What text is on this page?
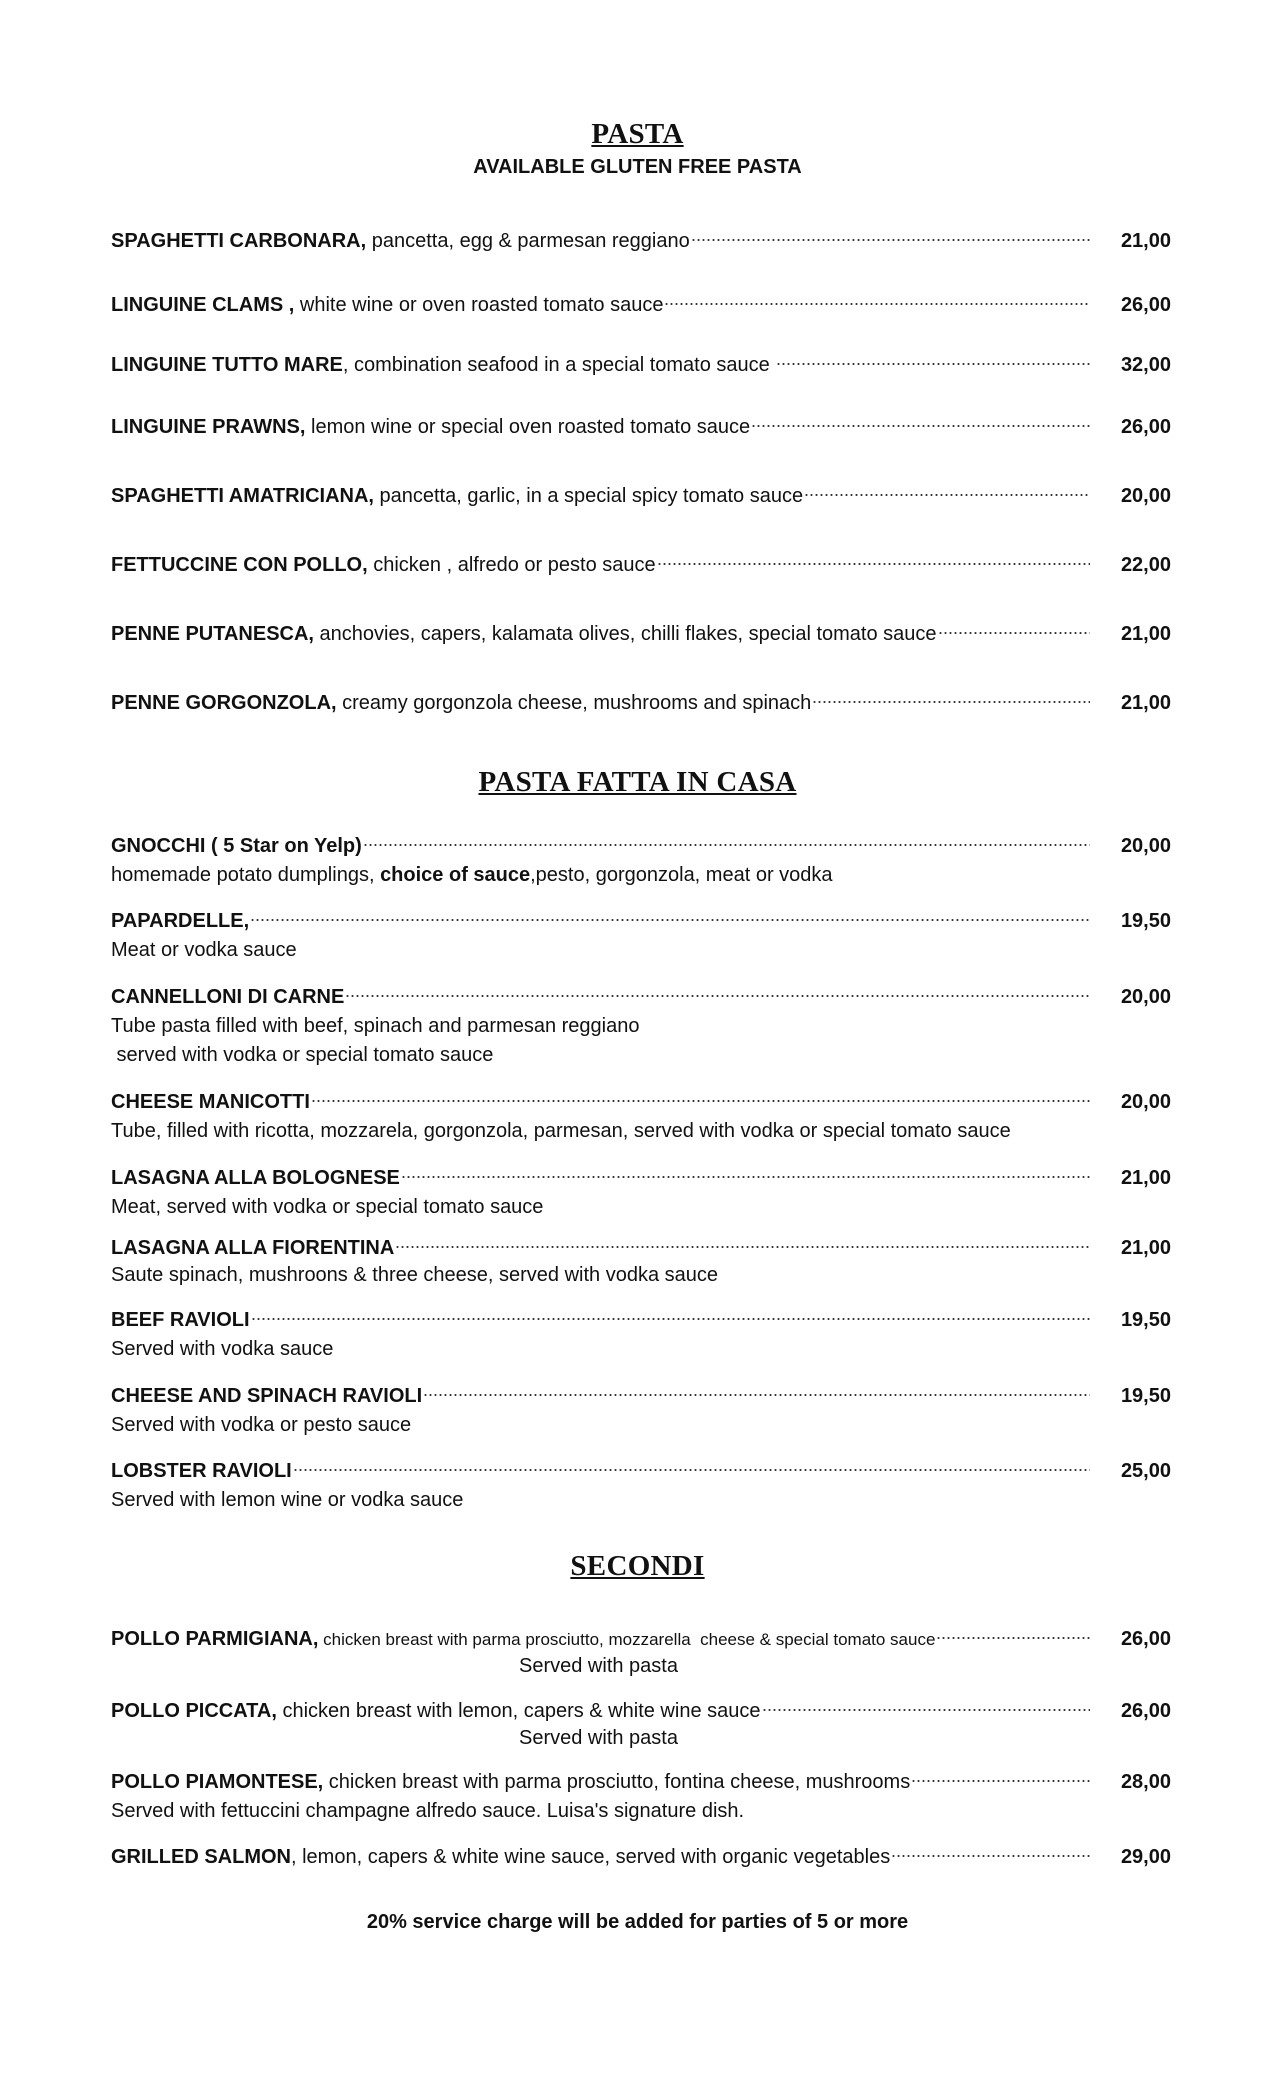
PASTA
AVAILABLE GLUTEN FREE PASTA
SPAGHETTI CARBONARA, pancetta, egg & parmesan reggiano	21,00
LINGUINE CLAMS , white wine or oven roasted tomato sauce	26,00
LINGUINE TUTTO MARE , combination seafood in a special tomato sauce	32,00
LINGUINE PRAWNS, lemon wine or special oven roasted tomato sauce	26,00
SPAGHETTI AMATRICIANA, pancetta, garlic, in a special spicy tomato sauce	20,00
FETTUCCINE CON POLLO, chicken , alfredo or pesto sauce	22,00
PENNE PUTANESCA, anchovies, capers, kalamata olives, chilli flakes, special tomato sauce	21,00
PENNE GORGONZOLA, creamy gorgonzola cheese, mushrooms and spinach	21,00
PASTA FATTA IN CASA
GNOCCHI ( 5 Star on Yelp)	20,00
homemade potato dumplings, choice of sauce,pesto, gorgonzola, meat or vodka
PAPARDELLE,	19,50
Meat or vodka sauce
CANNELLONI DI CARNE	20,00
Tube pasta filled with beef, spinach and parmesan reggiano
served with vodka or special tomato sauce
CHEESE MANICOTTI	20,00
Tube, filled with ricotta, mozzarela, gorgonzola, parmesan, served with vodka or special tomato sauce
LASAGNA ALLA BOLOGNESE	21,00
Meat, served with vodka or special tomato sauce
LASAGNA ALLA FIORENTINA	21,00
Saute spinach, mushroons & three cheese, served with vodka sauce
BEEF RAVIOLI	19,50
Served with vodka sauce
CHEESE AND SPINACH RAVIOLI	19,50
Served with vodka or pesto sauce
LOBSTER RAVIOLI	25,00
Served with lemon wine or vodka sauce
SECONDI
POLLO PARMIGIANA, chicken breast with parma prosciutto, mozzarella  cheese & special tomato sauce	26,00
Served with pasta
POLLO PICCATA, chicken breast with lemon, capers & white wine sauce	26,00
Served with pasta
POLLO PIAMONTESE, chicken breast with parma prosciutto, fontina cheese, mushrooms	28,00
Served with fettuccini champagne alfredo sauce. Luisa's signature dish.
GRILLED SALMON , lemon, capers & white wine sauce, served with organic vegetables	29,00
20% service charge will be added for parties of 5 or more
